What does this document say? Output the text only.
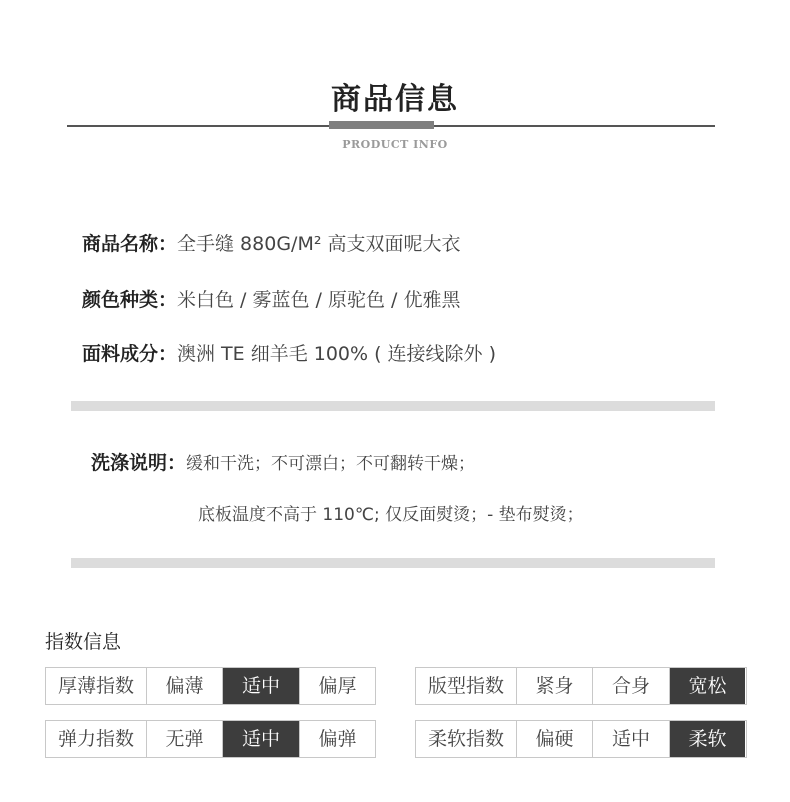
商品信息
PRODUCT INFO
商品名称：全手缝 880G/M² 高支双面呢大衣
颜色种类：米白色 / 雾蓝色 / 原驼色 / 优雅黑
面料成分：澳洲 TE 细羊毛 100% ( 连接线除外 )
洗涤说明：缓和干洗；不可漂白；不可翻转干燥；
底板温度不高于 110℃; 仅反面熨烫；- 垫布熨烫；
指数信息
厚薄指数	偏薄	适中	偏厚
弹力指数	无弹	适中	偏弹
版型指数	紧身	合身	宽松
柔软指数	偏硬	适中	柔软
